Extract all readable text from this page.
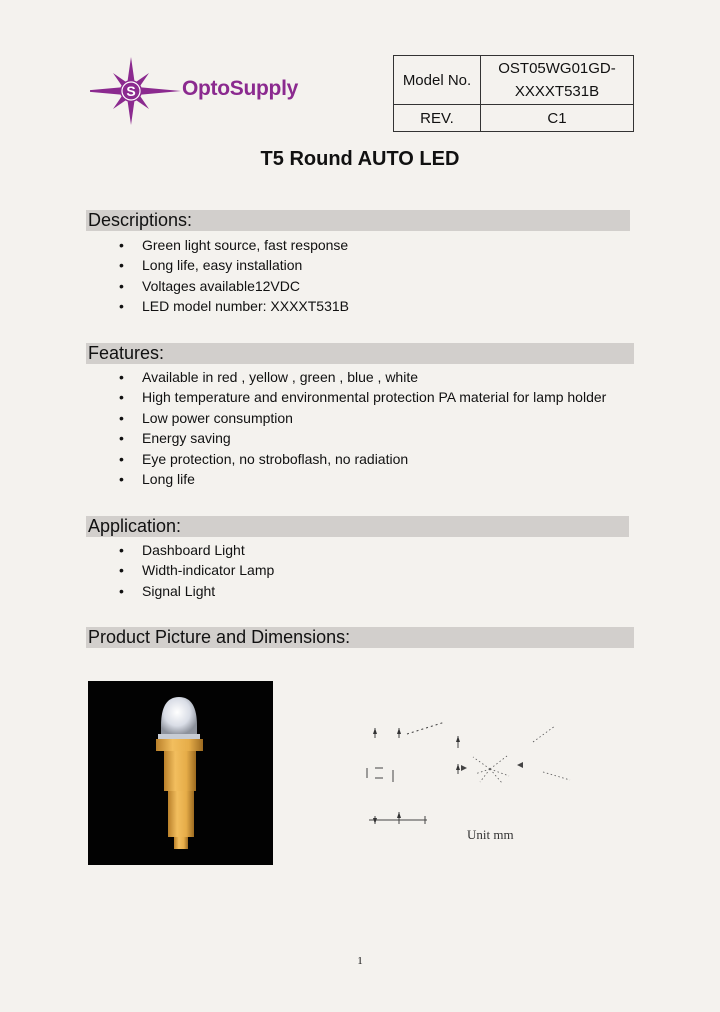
S OptoSupply	Model No.	OST05WG01GD-
XXXXT531B

REV.	C1
T5 Round AUTO LED
Descriptions:
• Green light source, fast response
• Long life, easy installation
• Voltages available12VDC
• LED model number: XXXXT531B
Features:
• Available in red , yellow , green , blue , white
• High temperature and environmental protection PA material for lamp holder
• Low power consumption
• Energy saving
• Eye protection, no stroboflash, no radiation
• Long life
Application:
• Dashboard Light
• Width-indicator Lamp
• Signal Light
Product Picture and Dimensions:
Unit mm
1
